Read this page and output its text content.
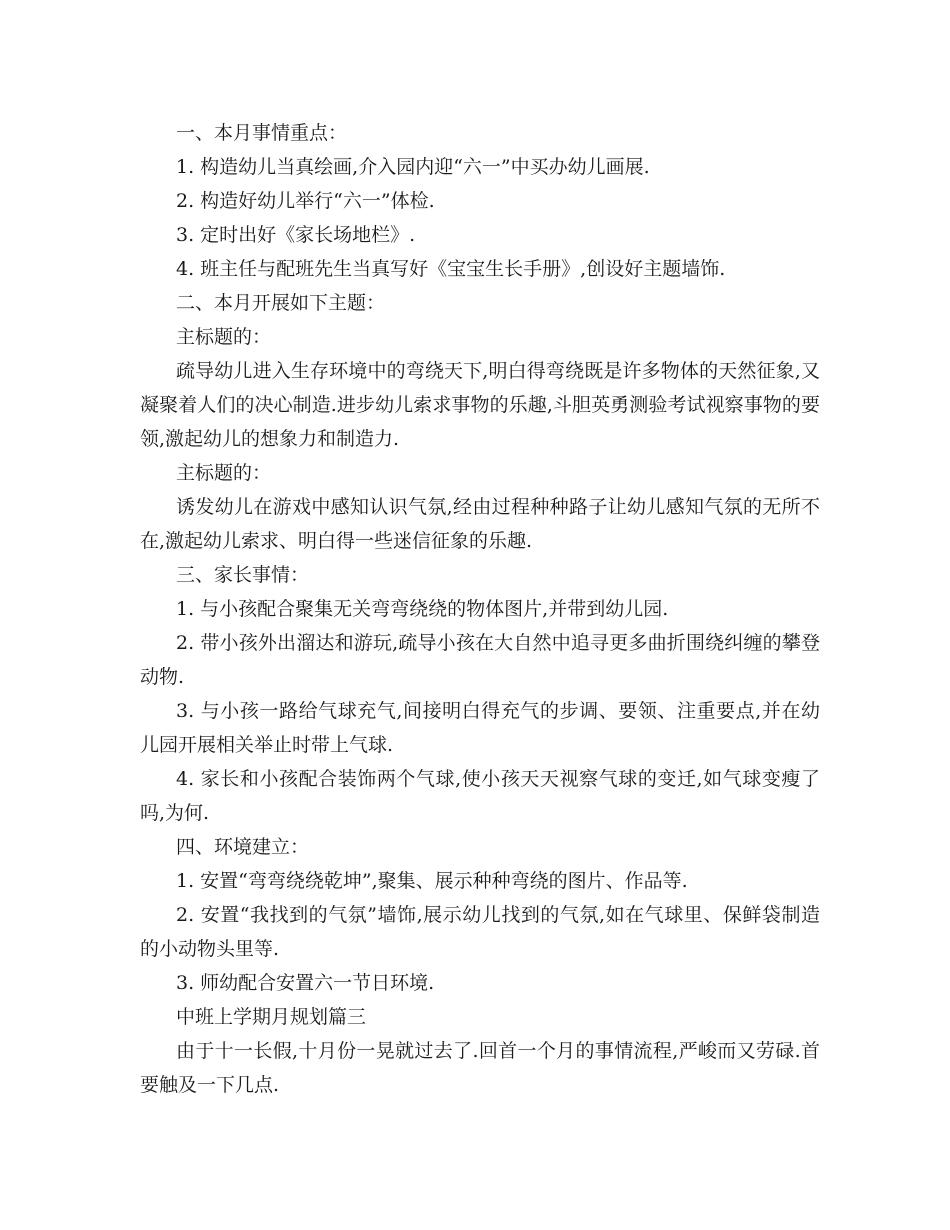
一、本月事情重点：

1. 构造幼儿当真绘画,介入园内迎“六一”中买办幼儿画展.

2. 构造好幼儿举行“六一”体检.

3. 定时出好《家长场地栏》.

4. 班主任与配班先生当真写好《宝宝生长手册》,创设好主题墙饰.

二、本月开展如下主题：

主标题的：

疏导幼儿进入生存环境中的弯绕天下,明白得弯绕既是许多物体的天然征象,又凝聚着人们的决心制造.进步幼儿索求事物的乐趣,斗胆英勇测验考试视察事物的要领,激起幼儿的想象力和制造力.

主标题的：

诱发幼儿在游戏中感知认识气氛,经由过程种种路子让幼儿感知气氛的无所不在,激起幼儿索求、明白得一些迷信征象的乐趣.

三、家长事情：

1. 与小孩配合聚集无关弯弯绕绕的物体图片,并带到幼儿园.

2. 带小孩外出溜达和游玩,疏导小孩在大自然中追寻更多曲折围绕纠缠的攀登动物.

3. 与小孩一路给气球充气,间接明白得充气的步调、要领、注重要点,并在幼儿园开展相关举止时带上气球.

4. 家长和小孩配合装饰两个气球,使小孩天天视察气球的变迁,如气球变瘦了吗,为何.

四、环境建立：

1. 安置“弯弯绕绕乾坤”,聚集、展示种种弯绕的图片、作品等.

2. 安置“我找到的气氛”墙饰,展示幼儿找到的气氛,如在气球里、保鲜袋制造的小动物头里等.

3. 师幼配合安置六一节日环境.

中班上学期月规划篇三

由于十一长假,十月份一晃就过去了.回首一个月的事情流程,严峻而又劳碌.首要触及一下几点.
